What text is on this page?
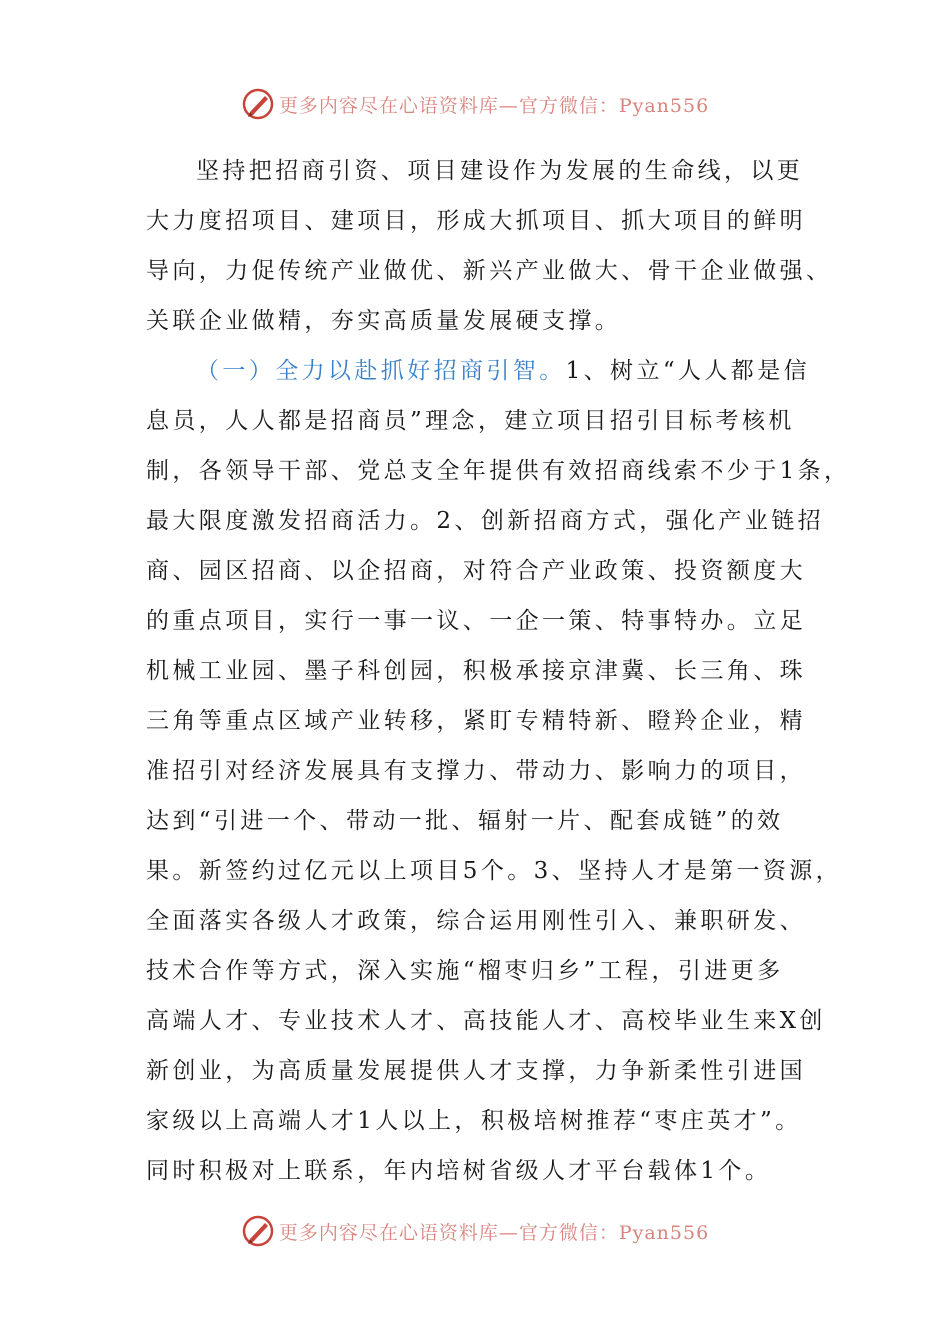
更多内容尽在心语资料库—官方微信：Pyan556
坚持把招商引资、项目建设作为发展的生命线，以更
大力度招项目、建项目，形成大抓项目、抓大项目的鲜明
导向，力促传统产业做优、新兴产业做大、骨干企业做强、
关联企业做精，夯实高质量发展硬支撑。
（一）全力以赴抓好招商引智。1、树立“人人都是信
息员，人人都是招商员”理念，建立项目招引目标考核机
制，各领导干部、党总支全年提供有效招商线索不少于1条，
最大限度激发招商活力。2、创新招商方式，强化产业链招
商、园区招商、以企招商，对符合产业政策、投资额度大
的重点项目，实行一事一议、一企一策、特事特办。立足
机械工业园、墨子科创园，积极承接京津冀、长三角、珠
三角等重点区域产业转移，紧盯专精特新、瞪羚企业，精
准招引对经济发展具有支撑力、带动力、影响力的项目，
达到“引进一个、带动一批、辐射一片、配套成链”的效
果。新签约过亿元以上项目5个。3、坚持人才是第一资源，
全面落实各级人才政策，综合运用刚性引入、兼职研发、
技术合作等方式，深入实施“榴枣归乡”工程，引进更多
高端人才、专业技术人才、高技能人才、高校毕业生来X创
新创业，为高质量发展提供人才支撑，力争新柔性引进国
家级以上高端人才1人以上，积极培树推荐“枣庄英才”。
同时积极对上联系，年内培树省级人才平台载体1个。
更多内容尽在心语资料库—官方微信：Pyan556
